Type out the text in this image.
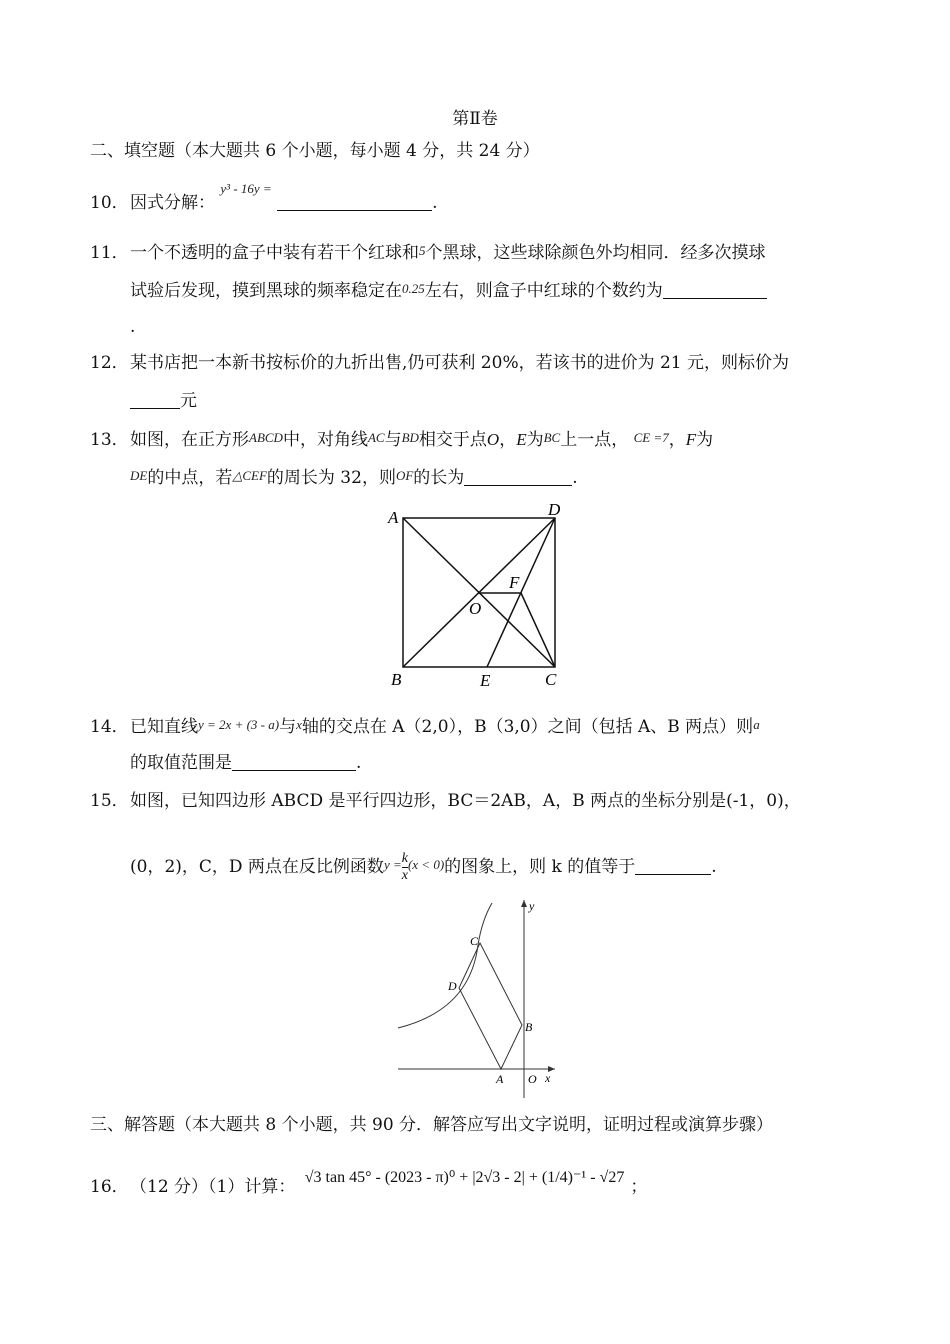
第Ⅱ卷
二、填空题（本大题共 6 个小题，每小题 4 分，共 24 分）
10．因式分解： $^{y^3 - 16y =}$ .
11．一个不透明的盒子中装有若干个红球和5个黑球，这些球除颜色外均相同．经多次摸球
试验后发现，摸到黑球的频率稳定在0.25左右，则盒子中红球的个数约为
.
12．某书店把一本新书按标价的九折出售,仍可获利 20%，若该书的进价为 21 元，则标价为
元
13．如图，在正方形ABCD中，对角线AC与BD相交于点O，E为BC上一点， CE =7，F为
DE的中点，若△CEF的周长为 32，则OF的长为	.
A	D
B	C
E
F
O
14．已知直线y = 2x + (3 - a)与x轴的交点在 A（2,0），B（3,0）之间（包括 A、B 两点）则a
的取值范围是	.
15．如图，已知四边形 ABCD 是平行四边形，BC＝2AB，A，B 两点的坐标分别是(-1，0)，
(0，2)，C，D 两点在反比例函数$y = \frac{k}{x} (x < 0)$的图象上，则 k 的值等于	.
C
D
B
A O x
y
三、解答题（本大题共 8 个小题，共 90 分．解答应写出文字说明，证明过程或演算步骤）
16．（12 分）（1）计算： √3 tan 45° - (2023 - π)⁰ + |2√3 - 2| + (1/4)⁻¹ - √27 ；
